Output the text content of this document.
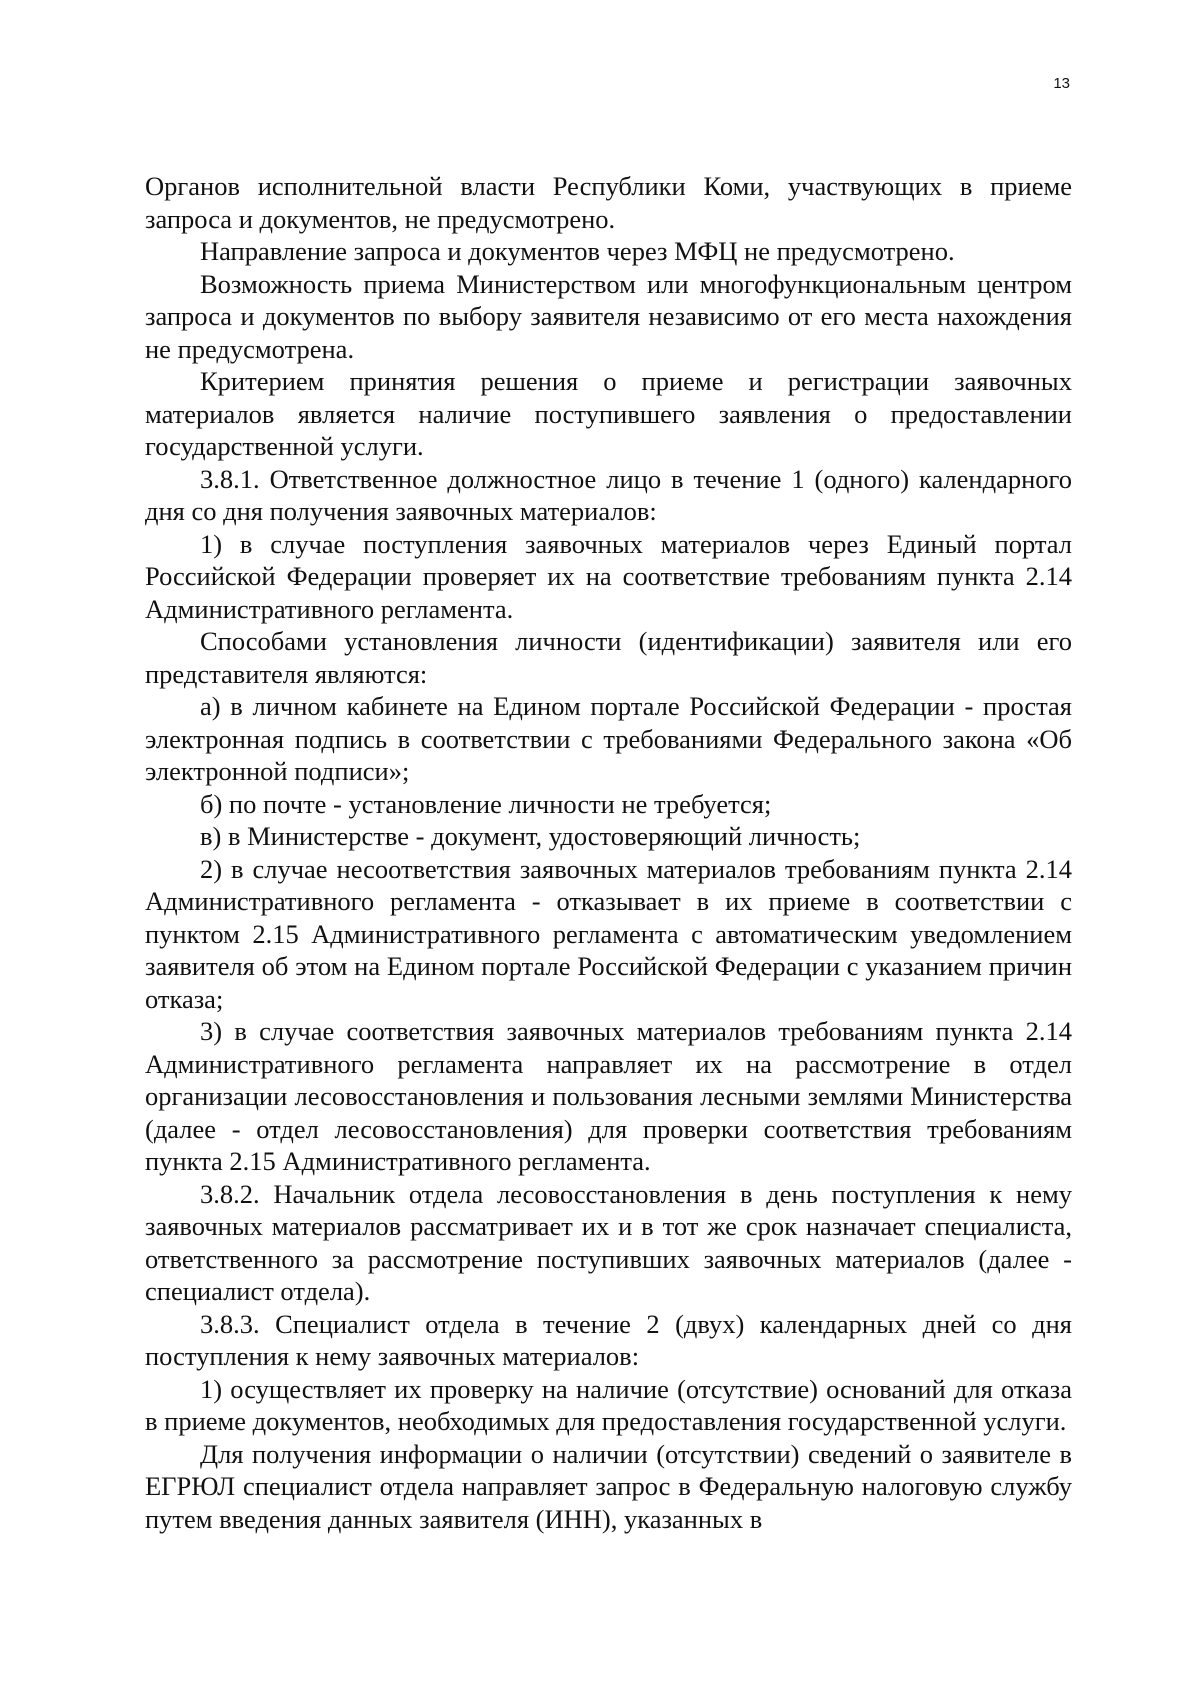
13

Органов исполнительной власти Республики Коми, участвующих в приеме запроса и документов, не предусмотрено.

Направление запроса и документов через МФЦ не предусмотрено.

Возможность приема Министерством или многофункциональным центром запроса и документов по выбору заявителя независимо от его места нахождения не предусмотрена.

Критерием принятия решения о приеме и регистрации заявочных материалов является наличие поступившего заявления о предоставлении государственной услуги.

3.8.1. Ответственное должностное лицо в течение 1 (одного) календарного дня со дня получения заявочных материалов:

1) в случае поступления заявочных материалов через Единый портал Российской Федерации проверяет их на соответствие требованиям пункта 2.14 Административного регламента.

Способами установления личности (идентификации) заявителя или его представителя являются:

а) в личном кабинете на Едином портале Российской Федерации - простая электронная подпись в соответствии с требованиями Федерального закона «Об электронной подписи»;

б) по почте - установление личности не требуется;

в) в Министерстве - документ, удостоверяющий личность;

2) в случае несоответствия заявочных материалов требованиям пункта 2.14 Административного регламента - отказывает в их приеме в соответствии с пунктом 2.15 Административного регламента с автоматическим уведомлением заявителя об этом на Едином портале Российской Федерации с указанием причин отказа;

3) в случае соответствия заявочных материалов требованиям пункта 2.14 Административного регламента направляет их на рассмотрение в отдел организации лесовосстановления и пользования лесными землями Министерства (далее - отдел лесовосстановления) для проверки соответствия требованиям пункта 2.15 Административного регламента.

3.8.2. Начальник отдела лесовосстановления в день поступления к нему заявочных материалов рассматривает их и в тот же срок назначает специалиста, ответственного за рассмотрение поступивших заявочных материалов (далее - специалист отдела).

3.8.3. Специалист отдела в течение 2 (двух) календарных дней со дня поступления к нему заявочных материалов:

1) осуществляет их проверку на наличие (отсутствие) оснований для отказа в приеме документов, необходимых для предоставления государственной услуги.

Для получения информации о наличии (отсутствии) сведений о заявителе в ЕГРЮЛ специалист отдела направляет запрос в Федеральную налоговую службу путем введения данных заявителя (ИНН), указанных в
